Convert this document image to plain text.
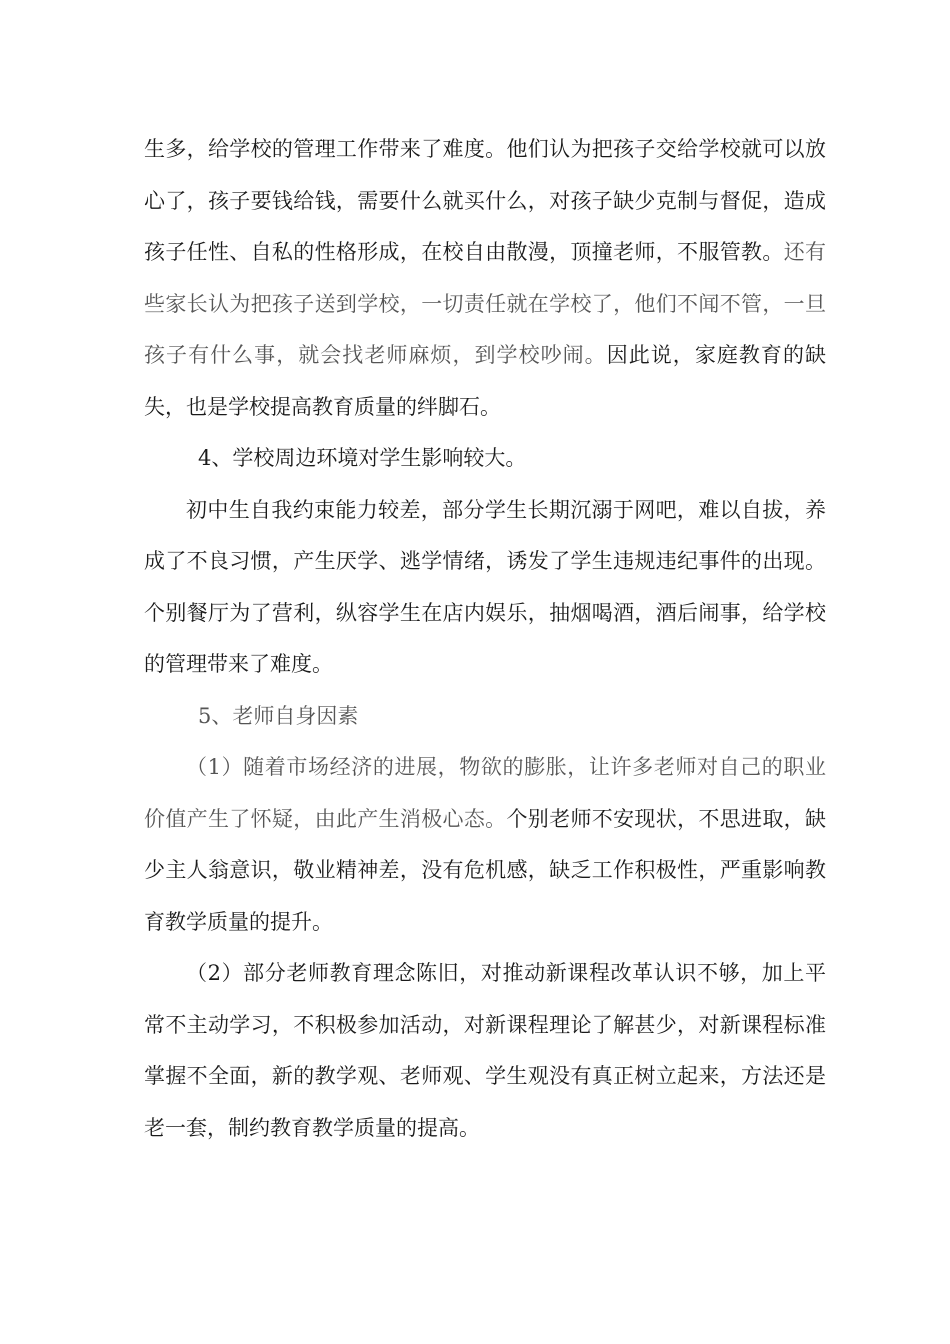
生多，给学校的管理工作带来了难度。他们认为把孩子交给学校就可以放心了，孩子要钱给钱，需要什么就买什么，对孩子缺少克制与督促，造成孩子任性、自私的性格形成，在校自由散漫，顶撞老师，不服管教。还有些家长认为把孩子送到学校，一切责任就在学校了，他们不闻不管，一旦孩子有什么事，就会找老师麻烦，到学校吵闹。因此说，家庭教育的缺失，也是学校提高教育质量的绊脚石。

4、学校周边环境对学生影响较大。

初中生自我约束能力较差，部分学生长期沉溺于网吧，难以自拔，养成了不良习惯，产生厌学、逃学情绪，诱发了学生违规违纪事件的出现。个别餐厅为了营利，纵容学生在店内娱乐，抽烟喝酒，酒后闹事，给学校的管理带来了难度。

5、老师自身因素

（1）随着市场经济的进展，物欲的膨胀，让许多老师对自己的职业价值产生了怀疑，由此产生消极心态。个别老师不安现状，不思进取，缺少主人翁意识，敬业精神差，没有危机感，缺乏工作积极性，严重影响教育教学质量的提升。

（2）部分老师教育理念陈旧，对推动新课程改革认识不够，加上平常不主动学习，不积极参加活动，对新课程理论了解甚少，对新课程标准掌握不全面，新的教学观、老师观、学生观没有真正树立起来，方法还是老一套，制约教育教学质量的提高。
